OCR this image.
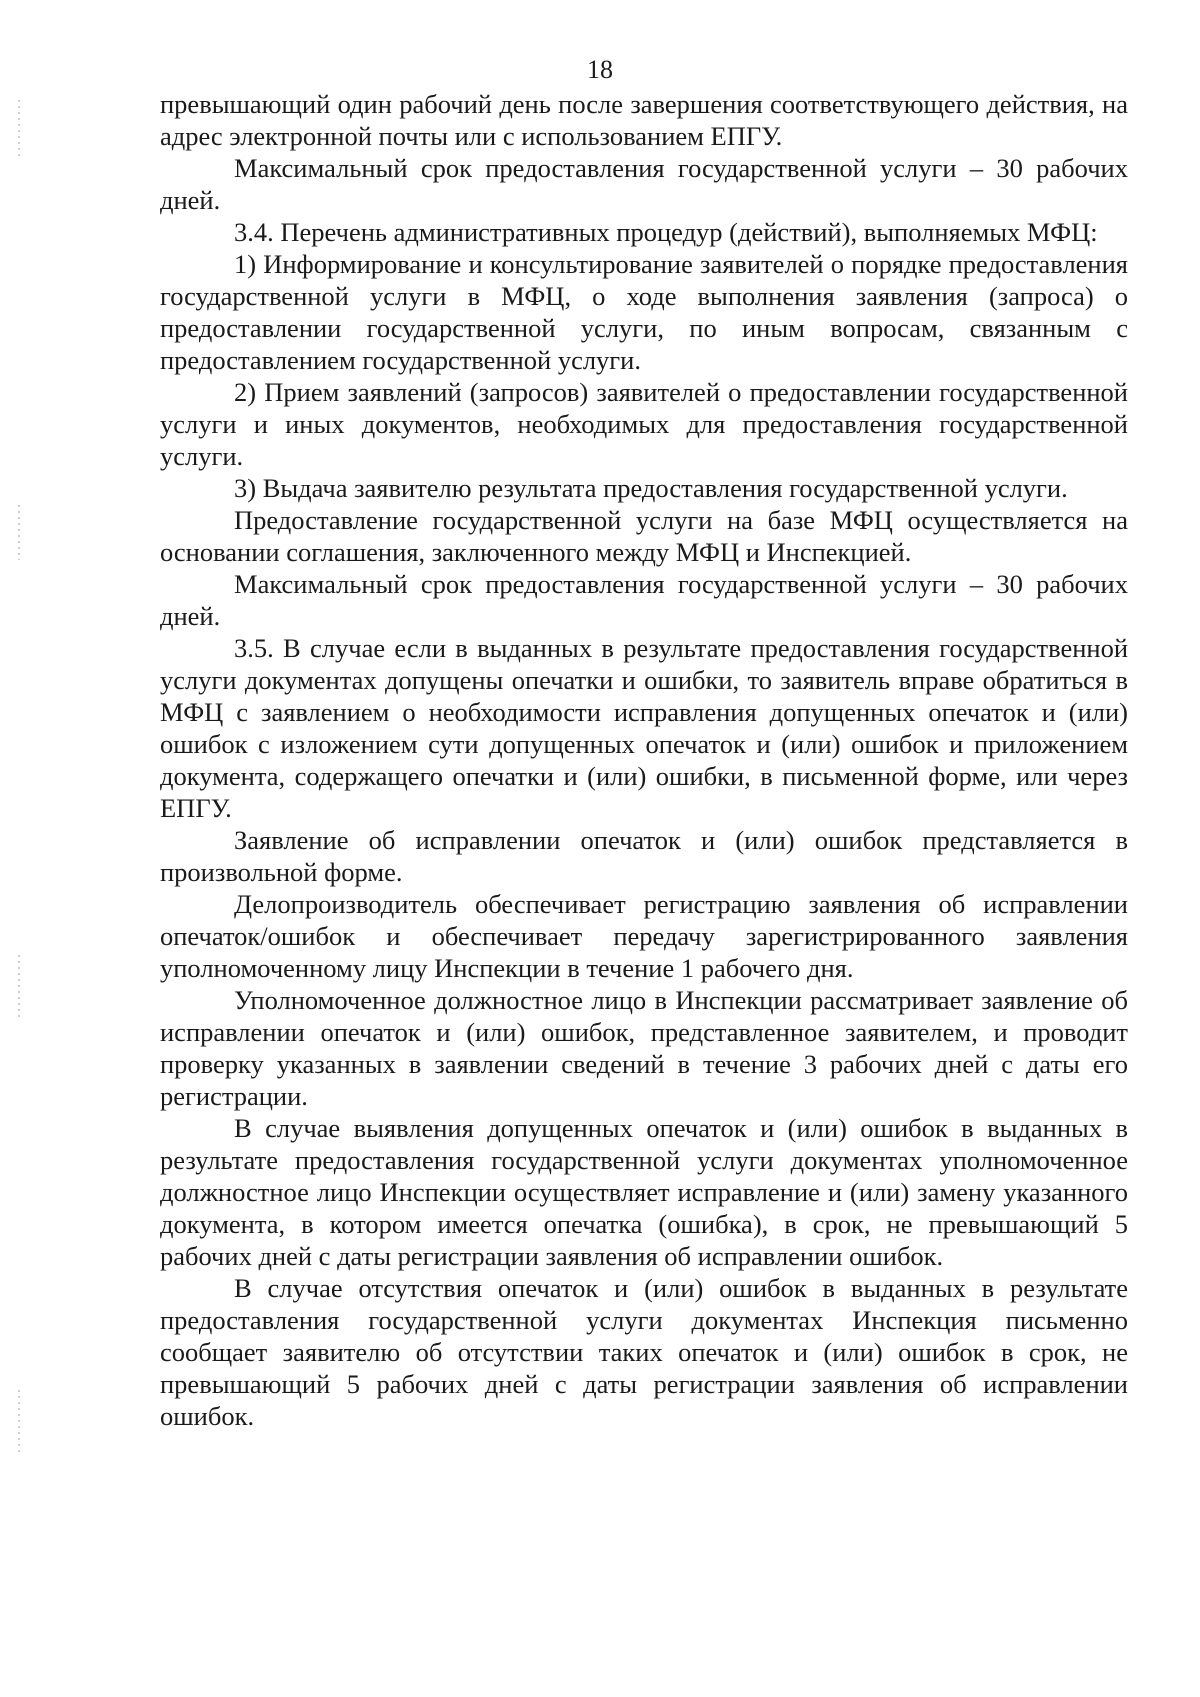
18

превышающий один рабочий день после завершения соответствующего действия, на адрес электронной почты или с использованием ЕПГУ.

Максимальный срок предоставления государственной услуги – 30 рабочих дней.

3.4. Перечень административных процедур (действий), выполняемых МФЦ:

1) Информирование и консультирование заявителей о порядке предоставления государственной услуги в МФЦ, о ходе выполнения заявления (запроса) о предоставлении государственной услуги, по иным вопросам, связанным с предоставлением государственной услуги.

2) Прием заявлений (запросов) заявителей о предоставлении государственной услуги и иных документов, необходимых для предоставления государственной услуги.

3) Выдача заявителю результата предоставления государственной услуги.

Предоставление государственной услуги на базе МФЦ осуществляется на основании соглашения, заключенного между МФЦ и Инспекцией.

Максимальный срок предоставления государственной услуги – 30 рабочих дней.

3.5. В случае если в выданных в результате предоставления государственной услуги документах допущены опечатки и ошибки, то заявитель вправе обратиться в МФЦ с заявлением о необходимости исправления допущенных опечаток и (или) ошибок с изложением сути допущенных опечаток и (или) ошибок и приложением документа, содержащего опечатки и (или) ошибки, в письменной форме, или через ЕПГУ.

Заявление об исправлении опечаток и (или) ошибок представляется в произвольной форме.

Делопроизводитель обеспечивает регистрацию заявления об исправлении опечаток/ошибок и обеспечивает передачу зарегистрированного заявления уполномоченному лицу Инспекции в течение 1 рабочего дня.

Уполномоченное должностное лицо в Инспекции рассматривает заявление об исправлении опечаток и (или) ошибок, представленное заявителем, и проводит проверку указанных в заявлении сведений в течение 3 рабочих дней с даты его регистрации.

В случае выявления допущенных опечаток и (или) ошибок в выданных в результате предоставления государственной услуги документах уполномоченное должностное лицо Инспекции осуществляет исправление и (или) замену указанного документа, в котором имеется опечатка (ошибка), в срок, не превышающий 5 рабочих дней с даты регистрации заявления об исправлении ошибок.

В случае отсутствия опечаток и (или) ошибок в выданных в результате предоставления государственной услуги документах Инспекция письменно сообщает заявителю об отсутствии таких опечаток и (или) ошибок в срок, не превышающий 5 рабочих дней с даты регистрации заявления об исправлении ошибок.
